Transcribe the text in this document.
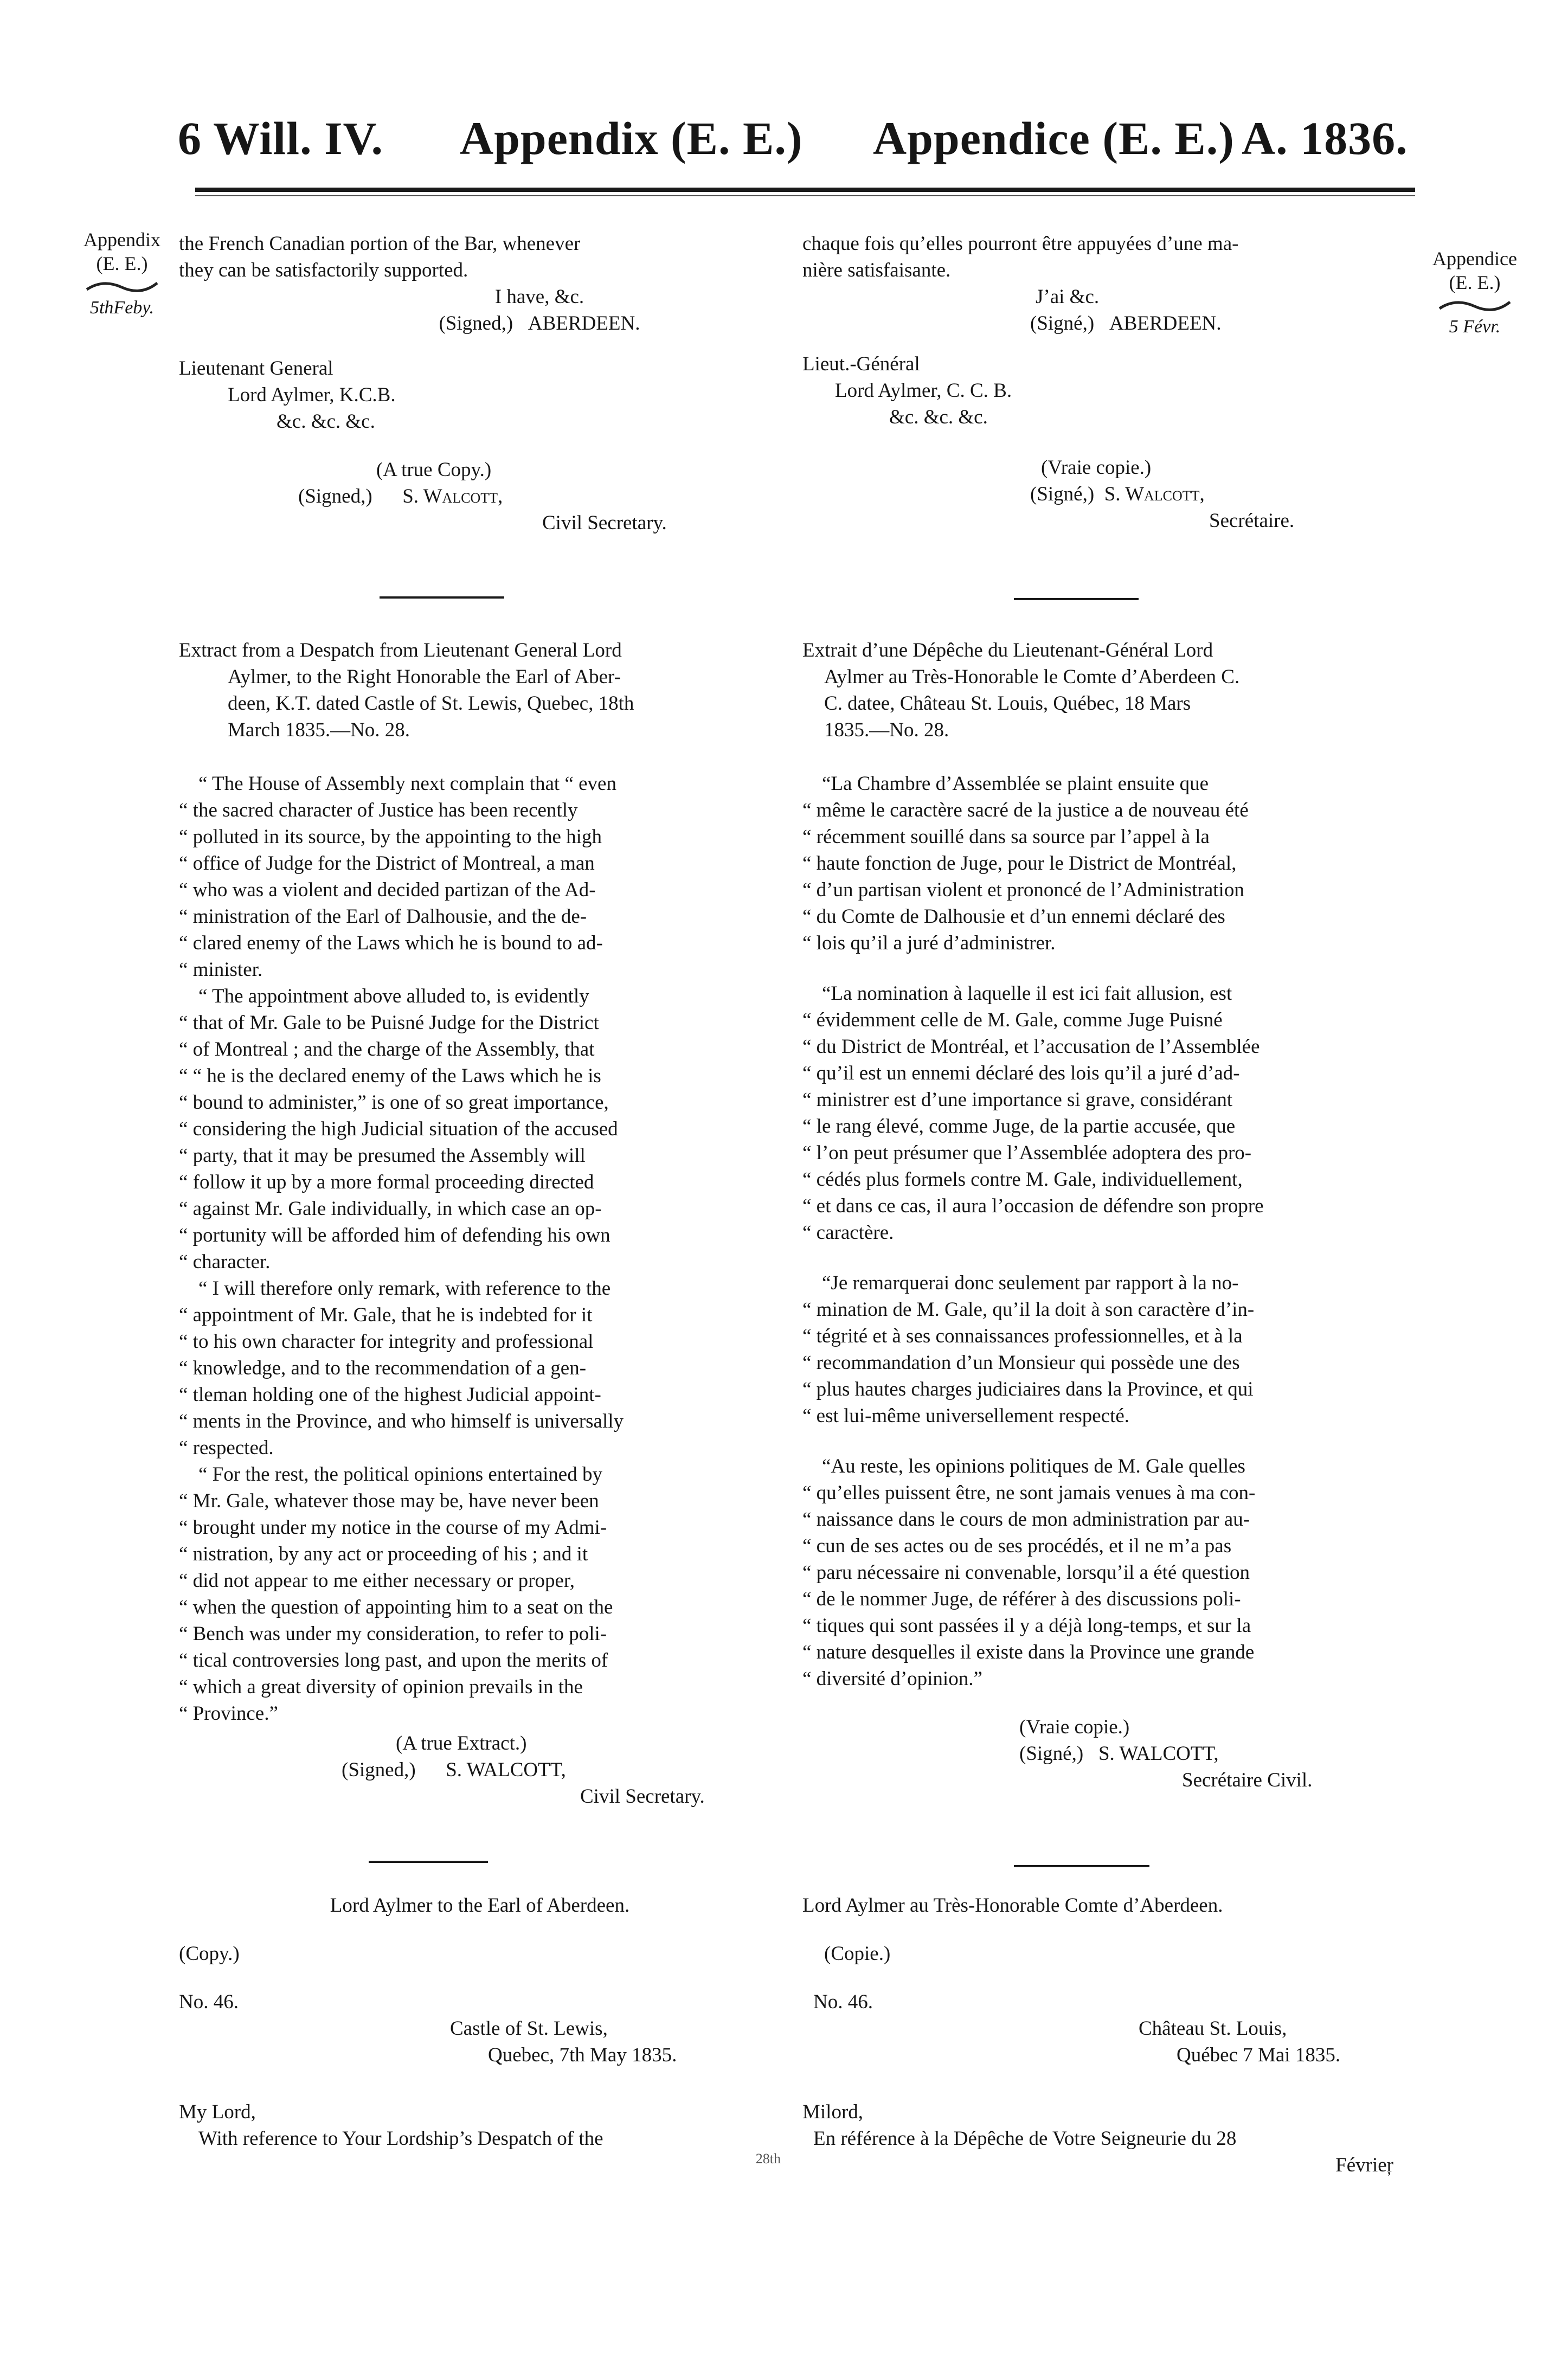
6 Will. IV. Appendix (E. E.) Appendice (E. E.) A. 1836.
Appendix
(E. E.)
5thFeby.
Appendice
(E. E.)
5 Févr.

the French Canadian portion of the Bar, whenever

they can be satisfactorily supported.

I have, &c.

(Signed,) ABERDEEN.

Lieutenant General

Lord Aylmer, K.C.B.

&c. &c. &c.

(A true Copy.)

(Signed,) S. Walcott,

Civil Secretary.

Extract from a Despatch from Lieutenant General Lord

Aylmer, to the Right Honorable the Earl of Aber-

deen, K.T. dated Castle of St. Lewis, Quebec, 18th

March 1835.—No. 28.

“ The House of Assembly next complain that “ even

“ the sacred character of Justice has been recently

“ polluted in its source, by the appointing to the high

“ office of Judge for the District of Montreal, a man

“ who was a violent and decided partizan of the Ad-

“ ministration of the Earl of Dalhousie, and the de-

“ clared enemy of the Laws which he is bound to ad-

“ minister.

“ The appointment above alluded to, is evidently

“ that of Mr. Gale to be Puisné Judge for the District

“ of Montreal ; and the charge of the Assembly, that

“ “ he is the declared enemy of the Laws which he is

“ bound to administer,” is one of so great importance,

“ considering the high Judicial situation of the accused

“ party, that it may be presumed the Assembly will

“ follow it up by a more formal proceeding directed

“ against Mr. Gale individually, in which case an op-

“ portunity will be afforded him of defending his own

“ character.

“ I will therefore only remark, with reference to the

“ appointment of Mr. Gale, that he is indebted for it

“ to his own character for integrity and professional

“ knowledge, and to the recommendation of a gen-

“ tleman holding one of the highest Judicial appoint-

“ ments in the Province, and who himself is universally

“ respected.

“ For the rest, the political opinions entertained by

“ Mr. Gale, whatever those may be, have never been

“ brought under my notice in the course of my Admi-

“ nistration, by any act or proceeding of his ; and it

“ did not appear to me either necessary or proper,

“ when the question of appointing him to a seat on the

“ Bench was under my consideration, to refer to poli-

“ tical controversies long past, and upon the merits of

“ which a great diversity of opinion prevails in the

“ Province.”

(A true Extract.)

(Signed,) S. WALCOTT,

Civil Secretary.

Lord Aylmer to the Earl of Aberdeen.

(Copy.)

No. 46.

Castle of St. Lewis,

Quebec, 7th May 1835.

My Lord,

With reference to Your Lordship’s Despatch of the

28th

chaque fois qu’elles pourront être appuyées d’une ma-

nière satisfaisante.

J’ai &c.

(Signé,) ABERDEEN.

Lieut.-Général

Lord Aylmer, C. C. B.

&c. &c. &c.

(Vraie copie.)

(Signé,) S. Walcott,

Secrétaire.

Extrait d’une Dépêche du Lieutenant-Général Lord

Aylmer au Très-Honorable le Comte d’Aberdeen C.

C. datee, Château St. Louis, Québec, 18 Mars

1835.—No. 28.

“La Chambre d’Assemblée se plaint ensuite que

“ même le caractère sacré de la justice a de nouveau été

“ récemment souillé dans sa source par l’appel à la

“ haute fonction de Juge, pour le District de Montréal,

“ d’un partisan violent et prononcé de l’Administration

“ du Comte de Dalhousie et d’un ennemi déclaré des

“ lois qu’il a juré d’administrer.

“La nomination à laquelle il est ici fait allusion, est

“ évidemment celle de M. Gale, comme Juge Puisné

“ du District de Montréal, et l’accusation de l’Assemblée

“ qu’il est un ennemi déclaré des lois qu’il a juré d’ad-

“ ministrer est d’une importance si grave, considérant

“ le rang élevé, comme Juge, de la partie accusée, que

“ l’on peut présumer que l’Assemblée adoptera des pro-

“ cédés plus formels contre M. Gale, individuellement,

“ et dans ce cas, il aura l’occasion de défendre son propre

“ caractère.

“Je remarquerai donc seulement par rapport à la no-

“ mination de M. Gale, qu’il la doit à son caractère d’in-

“ tégrité et à ses connaissances professionnelles, et à la

“ recommandation d’un Monsieur qui possède une des

“ plus hautes charges judiciaires dans la Province, et qui

“ est lui-même universellement respecté.

“Au reste, les opinions politiques de M. Gale quelles

“ qu’elles puissent être, ne sont jamais venues à ma con-

“ naissance dans le cours de mon administration par au-

“ cun de ses actes ou de ses procédés, et il ne m’a pas

“ paru nécessaire ni convenable, lorsqu’il a été question

“ de le nommer Juge, de référer à des discussions poli-

“ tiques qui sont passées il y a déjà long-temps, et sur la

“ nature desquelles il existe dans la Province une grande

“ diversité d’opinion.”

(Vraie copie.)

(Signé,) S. WALCOTT,

Secrétaire Civil.

Lord Aylmer au Très-Honorable Comte d’Aberdeen.

(Copie.)

No. 46.

Château St. Louis,

Québec 7 Mai 1835.

Milord,

En référence à la Dépêche de Votre Seigneurie du 28

Févrieŗ
